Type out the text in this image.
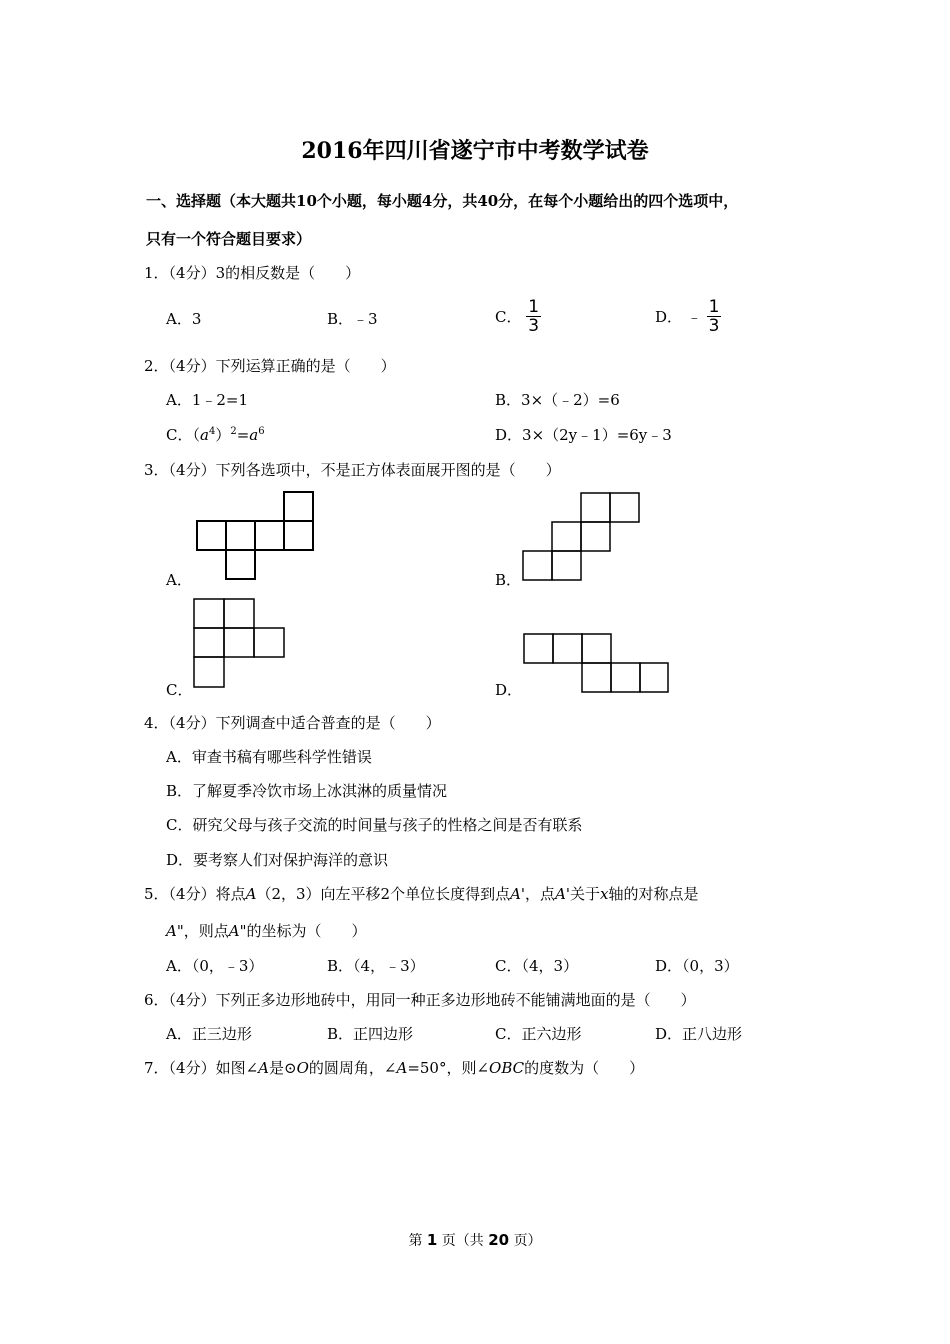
2016年四川省遂宁市中考数学试卷
一、选择题（本大题共10个小题，每小题4分，共40分，在每个小题给出的四个选项中，
只有一个符合题目要求）
1．（4分）3的相反数是（　　）
A．3	B．﹣3	C． $\frac{1}{3}$	D． ﹣ $\frac{1}{3}$
2．（4分）下列运算正确的是（　　）
A．1﹣2=1	B．3×（﹣2）=6
C．$(a^4)^2=a^6$	D．3×（2y﹣1）=6y﹣3
3．（4分）下列各选项中，不是正方体表面展开图的是（　　）
A．	B．
C．	D．
4．（4分）下列调查中适合普查的是（　　）
A．审查书稿有哪些科学性错误
B．了解夏季冷饮市场上冰淇淋的质量情况
C．研究父母与孩子交流的时间量与孩子的性格之间是否有联系
D．要考察人们对保护海洋的意识
5．（4分）将点A（2，3）向左平移2个单位长度得到点A'，点A'关于x轴的对称点是
A"，则点A"的坐标为（　　）
A．（0，﹣3）	B．（4，﹣3）	C．（4，3）	D．（0，3）
6．（4分）下列正多边形地砖中，用同一种正多边形地砖不能铺满地面的是（　　）
A．正三边形	B．正四边形	C．正六边形	D．正八边形
7．（4分）如图∠A是⊙O的圆周角，∠A=50°，则∠OBC的度数为（　　）
第 1 页（共 20 页）
